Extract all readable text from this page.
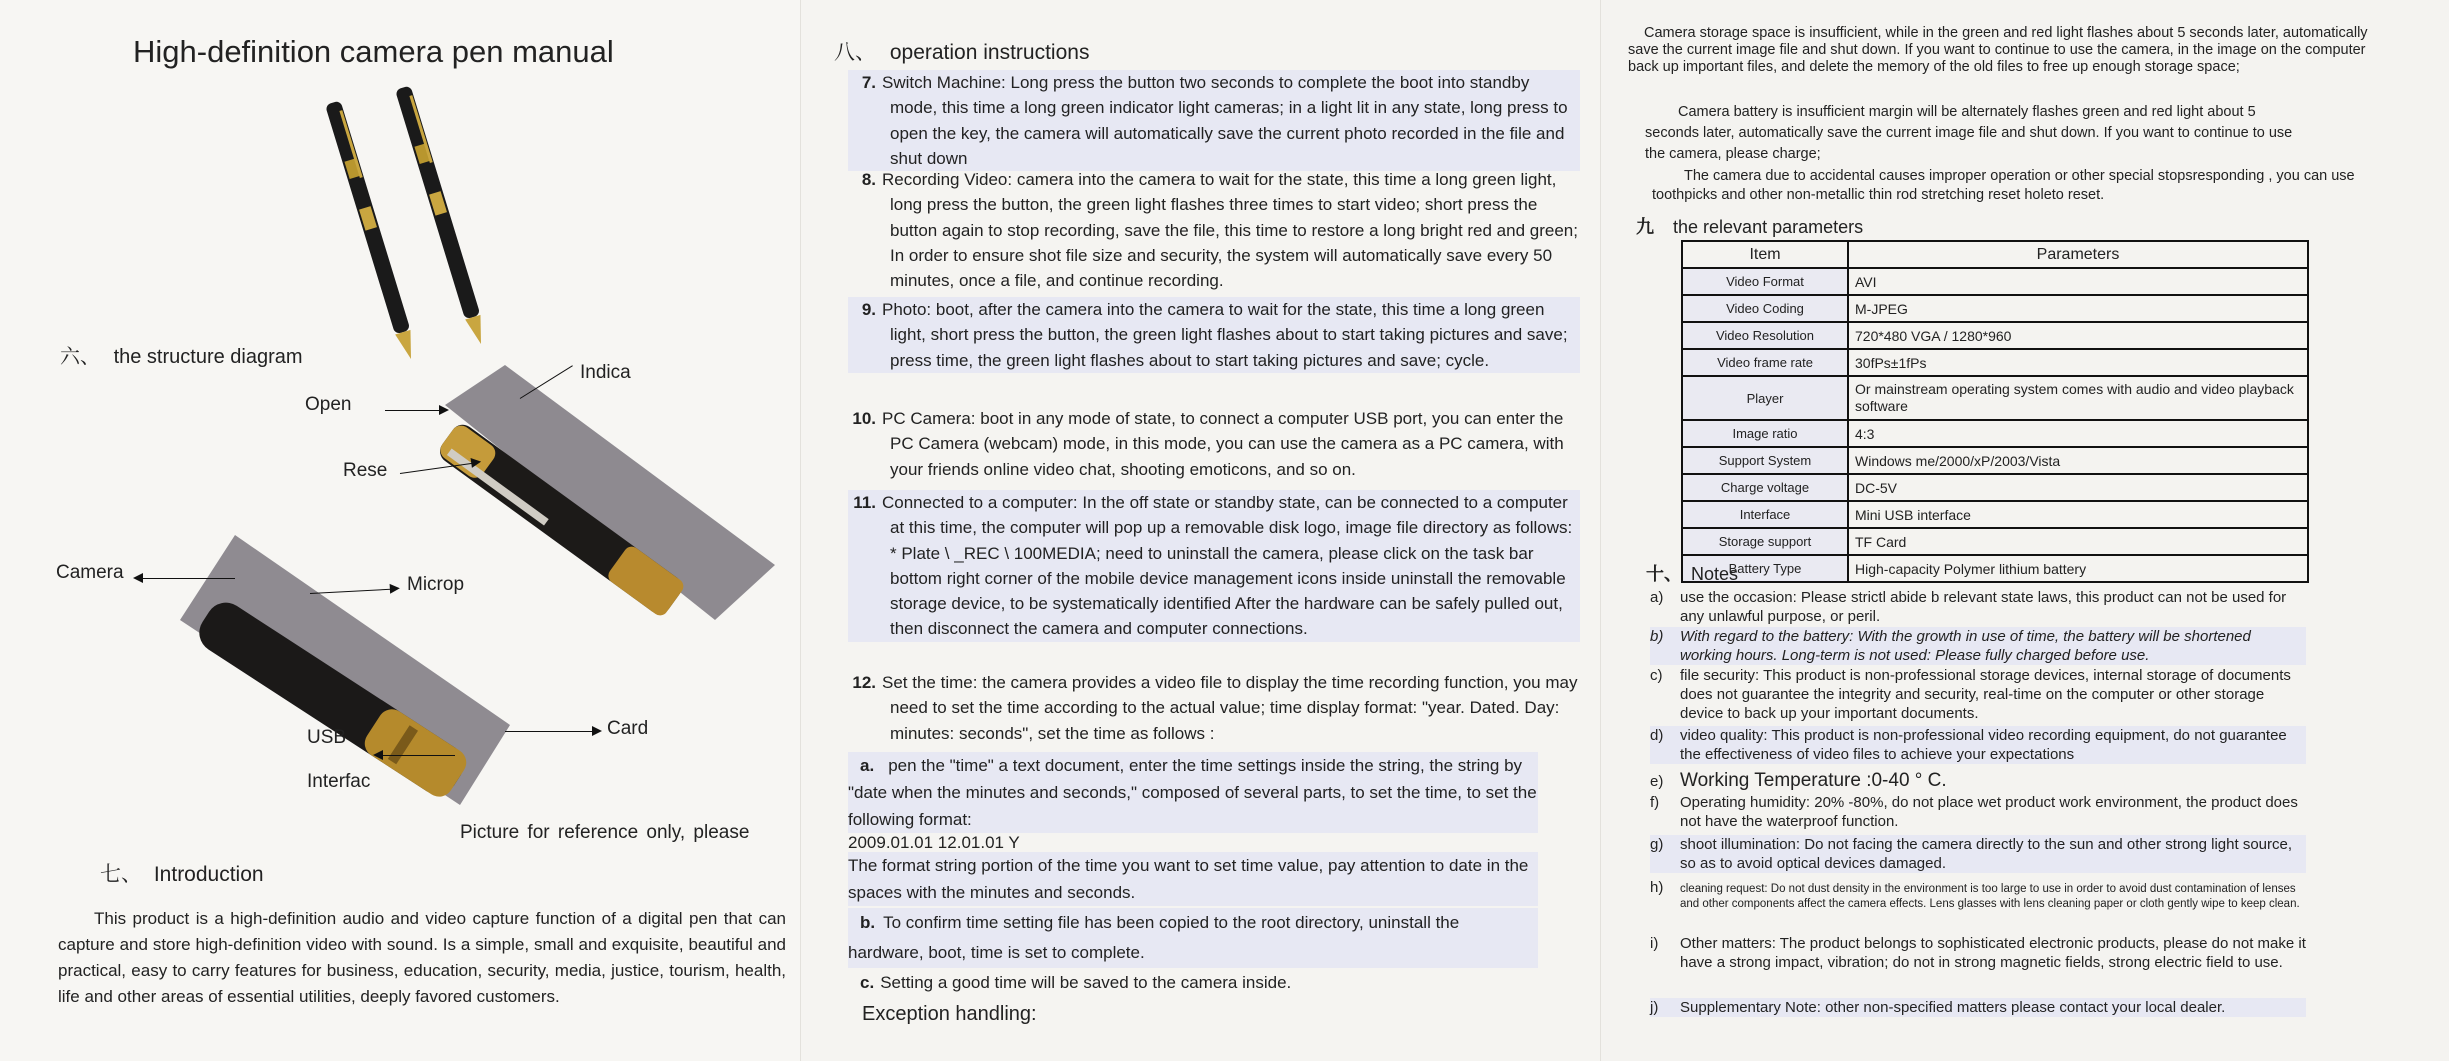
High-definition camera pen manual
六、 the structure diagram
Indica
Open
Rese
Camera
Microp
Card
USB
Interfac
Picture for reference only, please
七、 Introduction
This product is a high-definition audio and video capture function of a digital pen that can capture and store high-definition video with sound. Is a simple, small and exquisite, beautiful and practical, easy to carry features for business, education, security, media, justice, tourism, health, life and other areas of essential utilities, deeply favored customers.
八、 operation instructions
7. Switch Machine: Long press the button two seconds to complete the boot into standby mode, this time a long green indicator light cameras; in a light lit in any state, long press to open the key, the camera will automatically save the current photo recorded in the file and shut down
8. Recording Video: camera into the camera to wait for the state, this time a long green light, long press the button, the green light flashes three times to start video; short press the button again to stop recording, save the file, this time to restore a long bright red and green; In order to ensure shot file size and security, the system will automatically save every 50 minutes, once a file, and continue recording.
9. Photo: boot, after the camera into the camera to wait for the state, this time a long green light, short press the button, the green light flashes about to start taking pictures and save; press time, the green light flashes about to start taking pictures and save; cycle.
10. PC Camera: boot in any mode of state, to connect a computer USB port, you can enter the PC Camera (webcam) mode, in this mode, you can use the camera as a PC camera, with your friends online video chat, shooting emoticons, and so on.
11. Connected to a computer: In the off state or standby state, can be connected to a computer at this time, the computer will pop up a removable disk logo, image file directory as follows: * Plate \ _REC \ 100MEDIA; need to uninstall the camera, please click on the task bar bottom right corner of the mobile device management icons inside uninstall the removable storage device, to be systematically identified After the hardware can be safely pulled out, then disconnect the camera and computer connections.
12. Set the time: the camera provides a video file to display the time recording function, you may need to set the time according to the actual value; time display format: "year. Dated. Day: minutes: seconds", set the time as follows :
a. pen the "time" a text document, enter the time settings inside the string, the string by "date when the minutes and seconds," composed of several parts, to set the time, to set the following format:
2009.01.01 12.01.01 Y
The format string portion of the time you want to set time value, pay attention to date in the spaces with the minutes and seconds.
b. To confirm time setting file has been copied to the root directory, uninstall the hardware, boot, time is set to complete.
c. Setting a good time will be saved to the camera inside.
Exception handling:
Camera storage space is insufficient, while in the green and red light flashes about 5 seconds later, automatically save the current image file and shut down. If you want to continue to use the camera, in the image on the computer back up important files, and delete the memory of the old files to free up enough storage space;
Camera battery is insufficient margin will be alternately flashes green and red light about 5 seconds later, automatically save the current image file and shut down. If you want to continue to use the camera, please charge;
The camera due to accidental causes improper operation or other special stopsresponding , you can use toothpicks and other non-metallic thin rod stretching reset holeto reset.
九 the relevant parameters
Item	Parameters
Video Format	AVI
Video Coding	M-JPEG
Video Resolution	720*480 VGA / 1280*960
Video frame rate	30fPs±1fPs
Player	Or mainstream operating system comes with audio and video playback software
Image ratio	4:3
Support System	Windows me/2000/xP/2003/Vista
Charge voltage	DC-5V
Interface	Mini USB interface
Storage support	TF Card
Battery Type	High-capacity Polymer lithium battery
十、 Notes
a) use the occasion: Please strictl abide b relevant state laws, this product can not be used for any unlawful purpose, or peril.
b) With regard to the battery: With the growth in use of time, the battery will be shortened working hours. Long-term is not used: Please fully charged before use.
c) file security: This product is non-professional storage devices, internal storage of documents does not guarantee the integrity and security, real-time on the computer or other storage device to back up your important documents.
d) video quality: This product is non-professional video recording equipment, do not guarantee the effectiveness of video files to achieve your expectations
e) Working Temperature :0-40 ° C.
f) Operating humidity: 20% -80%, do not place wet product work environment, the product does not have the waterproof function.
g) shoot illumination: Do not facing the camera directly to the sun and other strong light source, so as to avoid optical devices damaged.
h) cleaning request: Do not dust density in the environment is too large to use in order to avoid dust contamination of lenses and other components affect the camera effects. Lens glasses with lens cleaning paper or cloth gently wipe to keep clean.
i) Other matters: The product belongs to sophisticated electronic products, please do not make it have a strong impact, vibration; do not in strong magnetic fields, strong electric field to use.
j) Supplementary Note: other non-specified matters please contact your local dealer.
